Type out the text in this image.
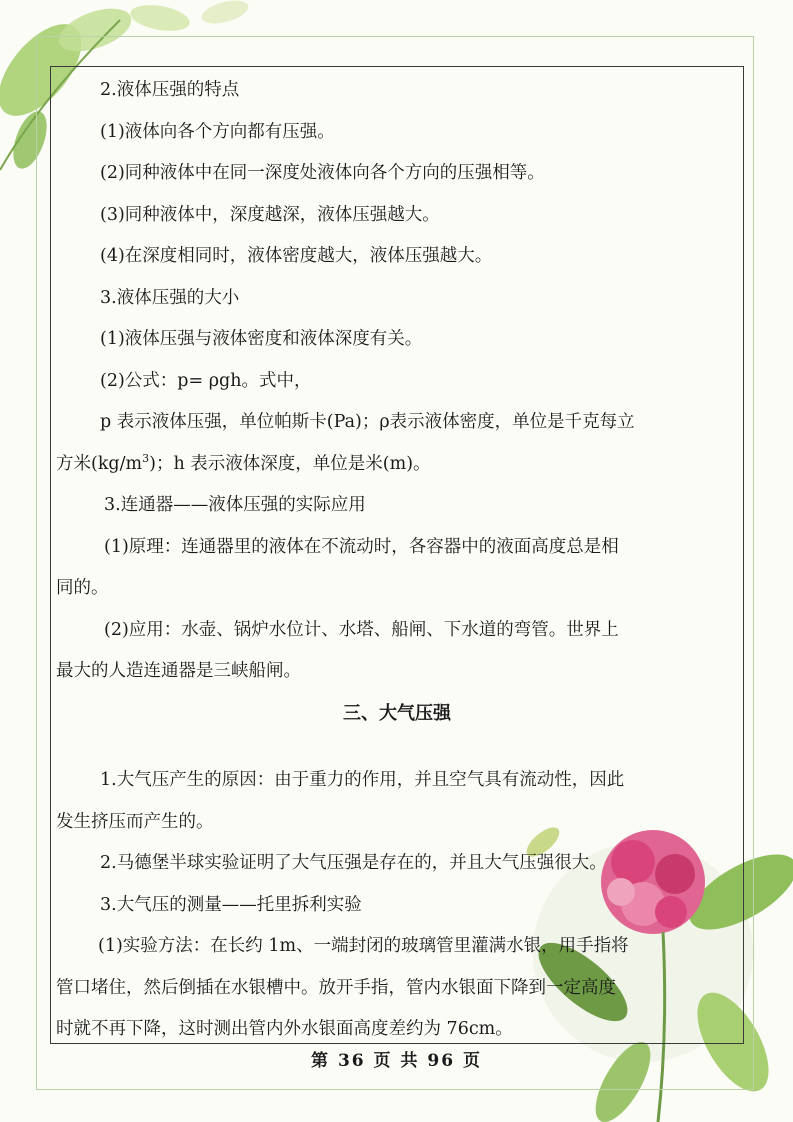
2.液体压强的特点

(1)液体向各个方向都有压强。

(2)同种液体中在同一深度处液体向各个方向的压强相等。

(3)同种液体中，深度越深，液体压强越大。

(4)在深度相同时，液体密度越大，液体压强越大。

3.液体压强的大小

(1)液体压强与液体密度和液体深度有关。

(2)公式：p= ρgh。式中，

p 表示液体压强，单位帕斯卡(Pa)；ρ表示液体密度，单位是千克每立

方米$(kg/m^3)$；h 表示液体深度，单位是米(m)。

3.连通器——液体压强的实际应用

(1)原理：连通器里的液体在不流动时，各容器中的液面高度总是相

同的。

(2)应用：水壶、锅炉水位计、水塔、船闸、下水道的弯管。世界上

最大的人造连通器是三峡船闸。

三、大气压强

1.大气压产生的原因：由于重力的作用，并且空气具有流动性，因此

发生挤压而产生的。

2.马德堡半球实验证明了大气压强是存在的，并且大气压强很大。

3.大气压的测量——托里拆利实验

(1)实验方法：在长约 1m、一端封闭的玻璃管里灌满水银，用手指将

管口堵住，然后倒插在水银槽中。放开手指，管内水银面下降到一定高度

时就不再下降，这时测出管内外水银面高度差约为 76cm。

第 36 页 共 96 页
